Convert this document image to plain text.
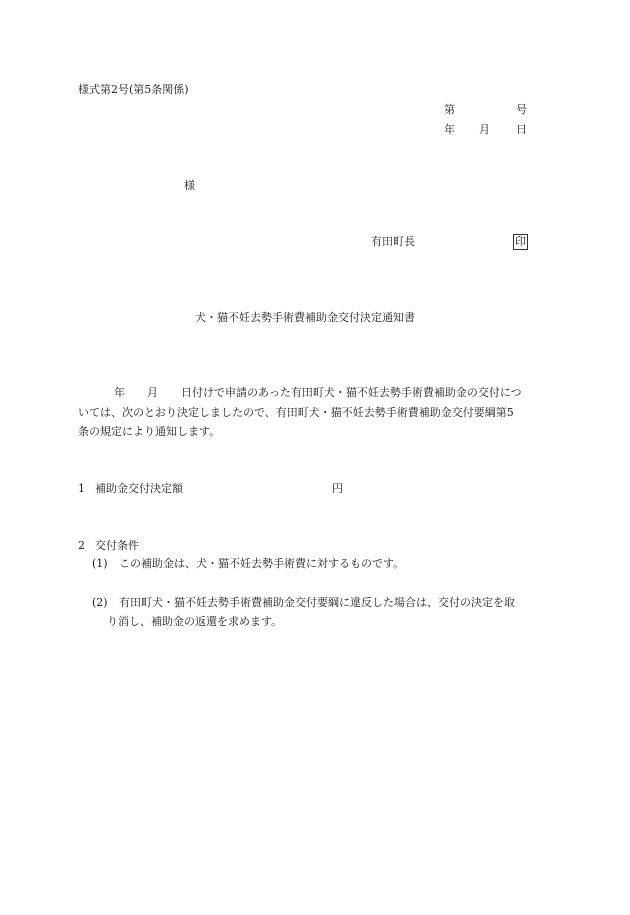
様式第2号(第5条関係)
第	号
年 月 日
様
有田町長	印
犬・猫不妊去勢手術費補助金交付決定通知書
年 月 日付けで申請のあった有田町犬・猫不妊去勢手術費補助金の交付につ
いては、次のとおり決定しましたので、有田町犬・猫不妊去勢手術費補助金交付要綱第5
条の規定により通知します。
1 補助金交付決定額	円
2 交付条件
(1) この補助金は、犬・猫不妊去勢手術費に対するものです。
(2) 有田町犬・猫不妊去勢手術費補助金交付要綱に違反した場合は、交付の決定を取
り消し、補助金の返還を求めます。
